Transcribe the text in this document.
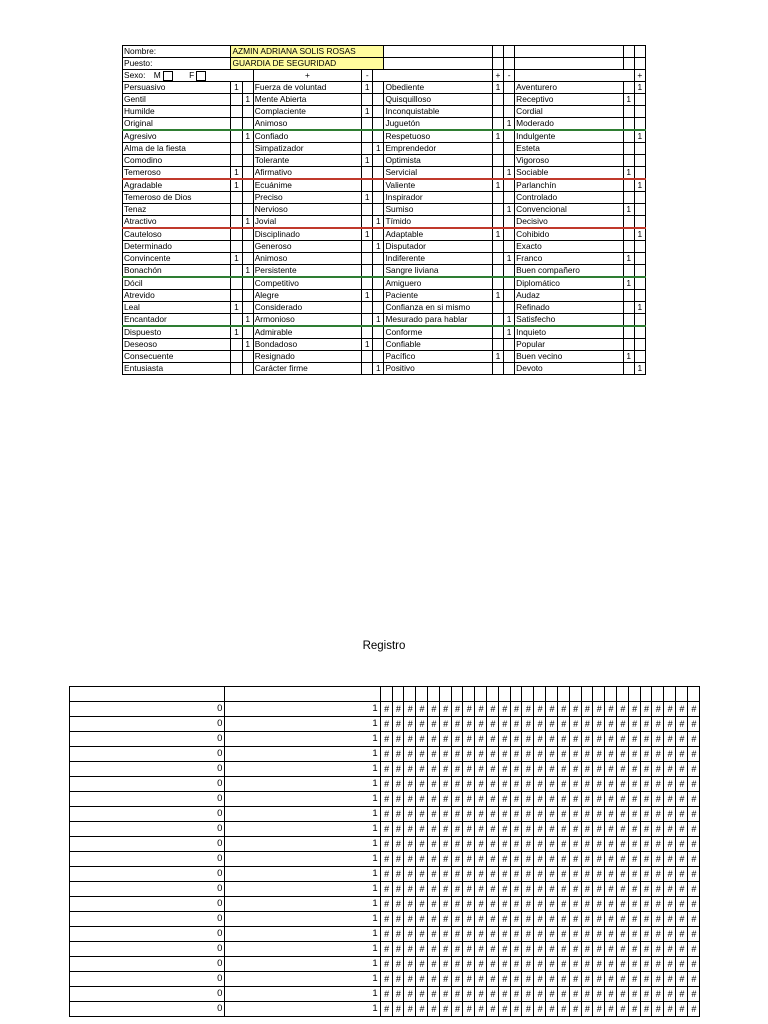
Nombre:	AZMIN ADRIANA SOLIS ROSAS										
Puesto:	GUARDIA DE SEGURIDAD										
Sexo: M F			+	-			+	-			+
Persuasivo	1		Fuerza de voluntad	1		Obediente	1		Aventurero		1
Gentil		1	Mente Abierta			Quisquilloso			Receptivo	1	
Humilde			Complaciente	1		Inconquistable			Cordial		
Original			Animoso			Juguetón		1	Moderado		
Agresivo		1	Confiado			Respetuoso	1		Indulgente		1
Alma de la fiesta			Simpatizador		1	Emprendedor			Esteta		
Comodino			Tolerante	1		Optimista			Vigoroso		
Temeroso	1		Afirmativo			Servicial		1	Sociable	1	
Agradable	1		Ecuánime			Valiente	1		Parlanchín		1
Temeroso de Dios			Preciso	1		Inspirador			Controlado		
Tenaz			Nervioso			Sumiso		1	Convencional	1	
Atractivo		1	Jovial		1	Tímido			Decisivo		
Cauteloso			Disciplinado	1		Adaptable	1		Cohibido		1
Determinado			Generoso		1	Disputador			Exacto		
Convincente	1		Animoso			Indiferente		1	Franco	1	
Bonachón		1	Persistente			Sangre liviana			Buen compañero		
Dócil			Competitivo			Amiguero			Diplomático	1	
Atrevido			Alegre	1		Paciente	1		Audaz		
Leal	1		Considerado			Confianza en si mismo			Refinado		1
Encantador		1	Armonioso		1	Mesurado para hablar		1	Satisfecho		
Dispuesto	1		Admirable			Conforme		1	Inquieto		
Deseoso		1	Bondadoso	1		Confiable			Popular		
Consecuente			Resignado			Pacífico	1		Buen vecino	1	
Entusiasta			Carácter firme		1	Positivo			Devoto		1
Registro

0	1	#	#	#	#	#	#	#	#	#	#	#	#	#	#	#	#	#	#	#	#	#	#	#	#	#	#	#
0	1	#	#	#	#	#	#	#	#	#	#	#	#	#	#	#	#	#	#	#	#	#	#	#	#	#	#	#
0	1	#	#	#	#	#	#	#	#	#	#	#	#	#	#	#	#	#	#	#	#	#	#	#	#	#	#	#
0	1	#	#	#	#	#	#	#	#	#	#	#	#	#	#	#	#	#	#	#	#	#	#	#	#	#	#	#
0	1	#	#	#	#	#	#	#	#	#	#	#	#	#	#	#	#	#	#	#	#	#	#	#	#	#	#	#
0	1	#	#	#	#	#	#	#	#	#	#	#	#	#	#	#	#	#	#	#	#	#	#	#	#	#	#	#
0	1	#	#	#	#	#	#	#	#	#	#	#	#	#	#	#	#	#	#	#	#	#	#	#	#	#	#	#
0	1	#	#	#	#	#	#	#	#	#	#	#	#	#	#	#	#	#	#	#	#	#	#	#	#	#	#	#
0	1	#	#	#	#	#	#	#	#	#	#	#	#	#	#	#	#	#	#	#	#	#	#	#	#	#	#	#
0	1	#	#	#	#	#	#	#	#	#	#	#	#	#	#	#	#	#	#	#	#	#	#	#	#	#	#	#
0	1	#	#	#	#	#	#	#	#	#	#	#	#	#	#	#	#	#	#	#	#	#	#	#	#	#	#	#
0	1	#	#	#	#	#	#	#	#	#	#	#	#	#	#	#	#	#	#	#	#	#	#	#	#	#	#	#
0	1	#	#	#	#	#	#	#	#	#	#	#	#	#	#	#	#	#	#	#	#	#	#	#	#	#	#	#
0	1	#	#	#	#	#	#	#	#	#	#	#	#	#	#	#	#	#	#	#	#	#	#	#	#	#	#	#
0	1	#	#	#	#	#	#	#	#	#	#	#	#	#	#	#	#	#	#	#	#	#	#	#	#	#	#	#
0	1	#	#	#	#	#	#	#	#	#	#	#	#	#	#	#	#	#	#	#	#	#	#	#	#	#	#	#
0	1	#	#	#	#	#	#	#	#	#	#	#	#	#	#	#	#	#	#	#	#	#	#	#	#	#	#	#
0	1	#	#	#	#	#	#	#	#	#	#	#	#	#	#	#	#	#	#	#	#	#	#	#	#	#	#	#
0	1	#	#	#	#	#	#	#	#	#	#	#	#	#	#	#	#	#	#	#	#	#	#	#	#	#	#	#
0	1	#	#	#	#	#	#	#	#	#	#	#	#	#	#	#	#	#	#	#	#	#	#	#	#	#	#	#
0	1	#	#	#	#	#	#	#	#	#	#	#	#	#	#	#	#	#	#	#	#	#	#	#	#	#	#	#
